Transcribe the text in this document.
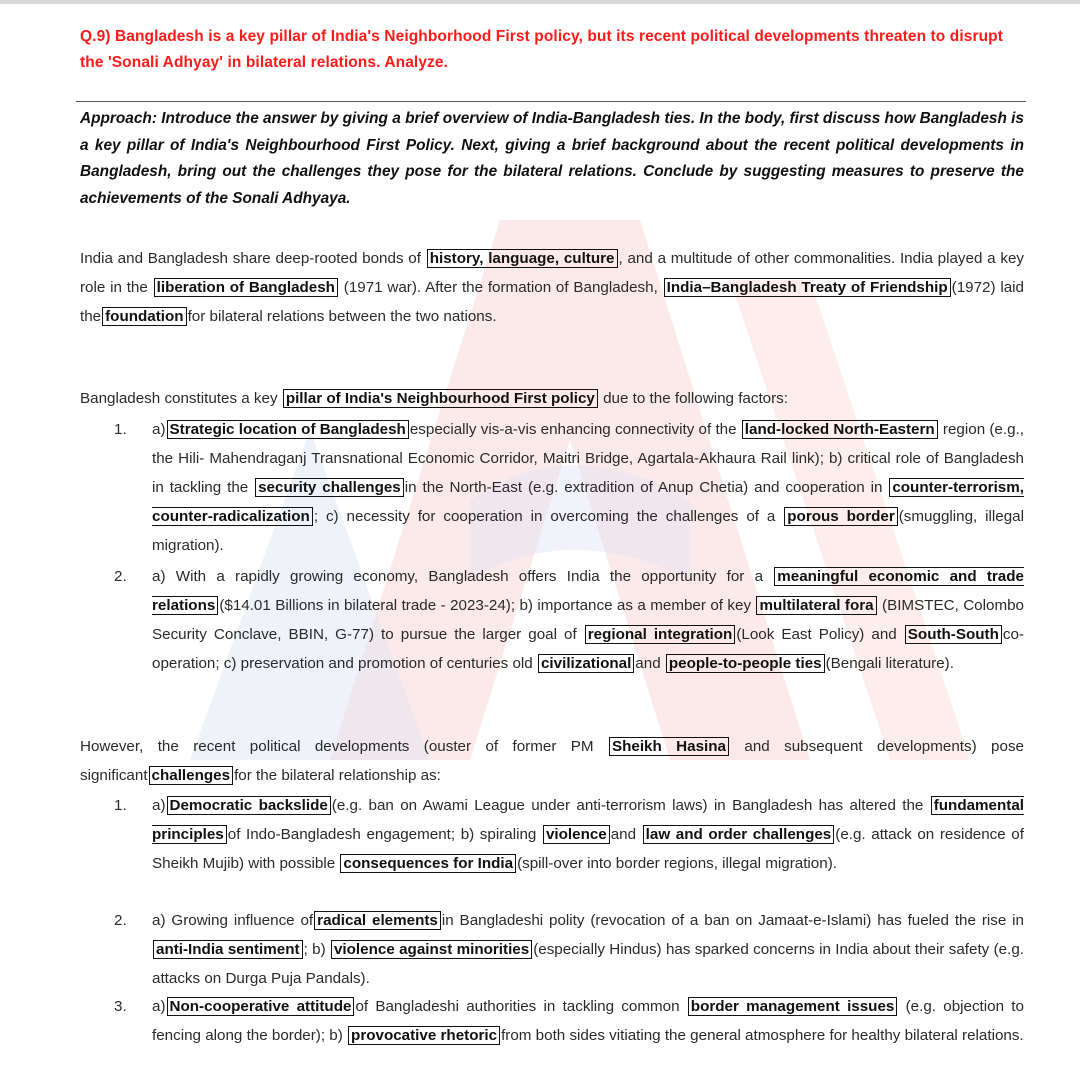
Q.9) Bangladesh is a key pillar of India's Neighborhood First policy, but its recent political developments threaten to disrupt the 'Sonali Adhyay' in bilateral relations. Analyze.
Approach: Introduce the answer by giving a brief overview of India-Bangladesh ties. In the body, first discuss how Bangladesh is a key pillar of India's Neighbourhood First Policy. Next, giving a brief background about the recent political developments in Bangladesh, bring out the challenges they pose for the bilateral relations. Conclude by suggesting measures to preserve the achievements of the Sonali Adhyaya.
India and Bangladesh share deep-rooted bonds of history, language, culture , and a multitude of other commonalities. India played a key role in the liberation of Bangladesh (1971 war). After the formation of Bangladesh, India–Bangladesh Treaty of Friendship (1972) laid the foundation for bilateral relations between the two nations.
Bangladesh constitutes a key pillar of India's Neighbourhood First policy due to the following factors:
1. a) Strategic location of Bangladesh especially vis-a-vis enhancing connectivity of the land-locked North-Eastern region (e.g., the Hili- Mahendraganj Transnational Economic Corridor, Maitri Bridge, Agartala-Akhaura Rail link); b) critical role of Bangladesh in tackling the security challenges in the North-East (e.g. extradition of Anup Chetia) and cooperation in counter-terrorism, counter-radicalization ; c) necessity for cooperation in overcoming the challenges of a porous border (smuggling, illegal migration).
2. a) With a rapidly growing economy, Bangladesh offers India the opportunity for a meaningful economic and trade relations ($14.01 Billions in bilateral trade - 2023-24); b) importance as a member of key multilateral fora (BIMSTEC, Colombo Security Conclave, BBIN, G-77) to pursue the larger goal of regional integration (Look East Policy) and South-South co-operation; c) preservation and promotion of centuries old civilizational and people-to-people ties (Bengali literature).
However, the recent political developments (ouster of former PM Sheikh Hasina and subsequent developments) pose significant challenges for the bilateral relationship as:
1. a) Democratic backslide (e.g. ban on Awami League under anti-terrorism laws) in Bangladesh has altered the fundamental principles of Indo-Bangladesh engagement; b) spiraling violence and law and order challenges (e.g. attack on residence of Sheikh Mujib) with possible consequences for India (spill-over into border regions, illegal migration).
2. a) Growing influence of radical elements in Bangladeshi polity (revocation of a ban on Jamaat-e-Islami) has fueled the rise in anti-India sentiment ; b) violence against minorities (especially Hindus) has sparked concerns in India about their safety (e.g. attacks on Durga Puja Pandals).
3. a) Non-cooperative attitude of Bangladeshi authorities in tackling common border management issues (e.g. objection to fencing along the border); b) provocative rhetoric from both sides vitiating the general atmosphere for healthy bilateral relations.
